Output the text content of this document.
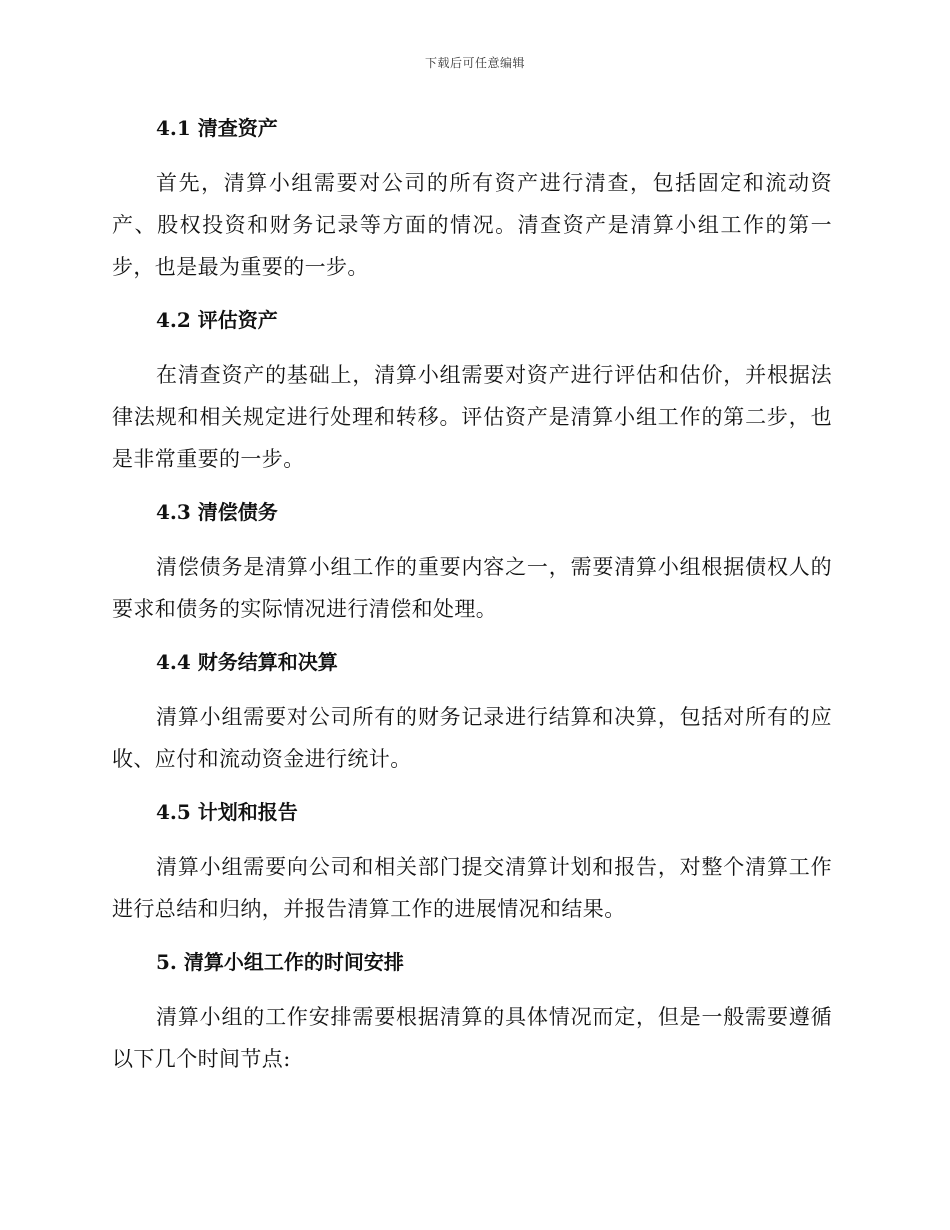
下载后可任意编辑
4.1 清查资产

首先，清算小组需要对公司的所有资产进行清查，包括固定和流动资产、股权投资和财务记录等方面的情况。清查资产是清算小组工作的第一步，也是最为重要的一步。

4.2 评估资产

在清查资产的基础上，清算小组需要对资产进行评估和估价，并根据法律法规和相关规定进行处理和转移。评估资产是清算小组工作的第二步，也是非常重要的一步。

4.3 清偿债务

清偿债务是清算小组工作的重要内容之一，需要清算小组根据债权人的要求和债务的实际情况进行清偿和处理。

4.4 财务结算和决算

清算小组需要对公司所有的财务记录进行结算和决算，包括对所有的应收、应付和流动资金进行统计。

4.5 计划和报告

清算小组需要向公司和相关部门提交清算计划和报告，对整个清算工作进行总结和归纳，并报告清算工作的进展情况和结果。

5. 清算小组工作的时间安排

清算小组的工作安排需要根据清算的具体情况而定，但是一般需要遵循以下几个时间节点:
